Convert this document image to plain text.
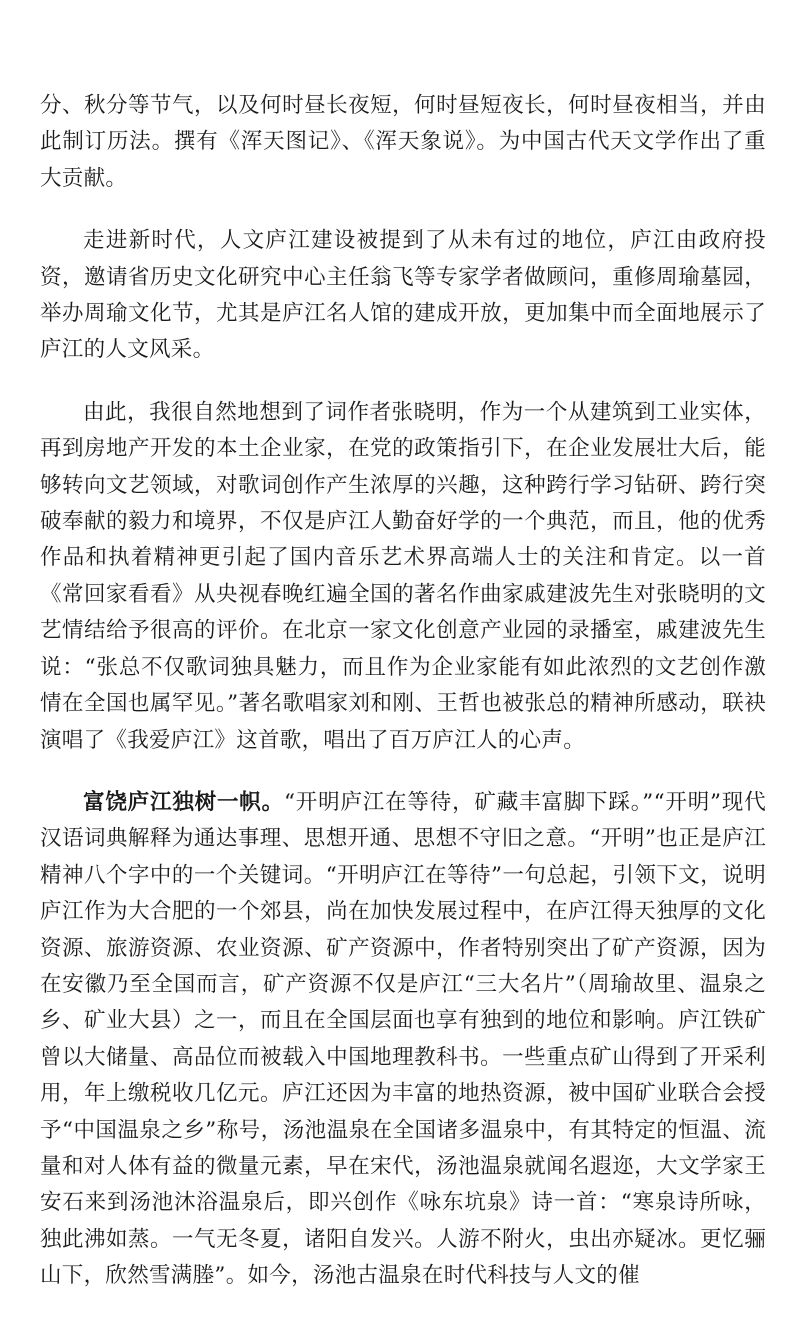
分、秋分等节气，以及何时昼长夜短，何时昼短夜长，何时昼夜相当，并由此制订历法。撰有《浑天图记》、《浑天象说》。为中国古代天文学作出了重大贡献。

走进新时代，人文庐江建设被提到了从未有过的地位，庐江由政府投资，邀请省历史文化研究中心主任翁飞等专家学者做顾问，重修周瑜墓园，举办周瑜文化节，尤其是庐江名人馆的建成开放，更加集中而全面地展示了庐江的人文风采。

由此，我很自然地想到了词作者张晓明，作为一个从建筑到工业实体，再到房地产开发的本土企业家，在党的政策指引下，在企业发展壮大后，能够转向文艺领域，对歌词创作产生浓厚的兴趣，这种跨行学习钻研、跨行突破奉献的毅力和境界，不仅是庐江人勤奋好学的一个典范，而且，他的优秀作品和执着精神更引起了国内音乐艺术界高端人士的关注和肯定。以一首《常回家看看》从央视春晚红遍全国的著名作曲家戚建波先生对张晓明的文艺情结给予很高的评价。在北京一家文化创意产业园的录播室，戚建波先生说：“张总不仅歌词独具魅力，而且作为企业家能有如此浓烈的文艺创作激情在全国也属罕见。”著名歌唱家刘和刚、王哲也被张总的精神所感动，联袂演唱了《我爱庐江》这首歌，唱出了百万庐江人的心声。

富饶庐江独树一帜。“开明庐江在等待，矿藏丰富脚下踩。”“开明”现代汉语词典解释为通达事理、思想开通、思想不守旧之意。“开明”也正是庐江精神八个字中的一个关键词。“开明庐江在等待”一句总起，引领下文，说明庐江作为大合肥的一个郊县，尚在加快发展过程中，在庐江得天独厚的文化资源、旅游资源、农业资源、矿产资源中，作者特别突出了矿产资源，因为在安徽乃至全国而言，矿产资源不仅是庐江“三大名片”（周瑜故里、温泉之乡、矿业大县）之一，而且在全国层面也享有独到的地位和影响。庐江铁矿曾以大储量、高品位而被载入中国地理教科书。一些重点矿山得到了开采利用，年上缴税收几亿元。庐江还因为丰富的地热资源，被中国矿业联合会授予“中国温泉之乡”称号，汤池温泉在全国诸多温泉中，有其特定的恒温、流量和对人体有益的微量元素，早在宋代，汤池温泉就闻名遐迩，大文学家王安石来到汤池沐浴温泉后，即兴创作《咏东坑泉》诗一首：“寒泉诗所咏，独此沸如蒸。一气无冬夏，诸阳自发兴。人游不附火，虫出亦疑冰。更忆骊山下，欣然雪满塍”。如今，汤池古温泉在时代科技与人文的催
